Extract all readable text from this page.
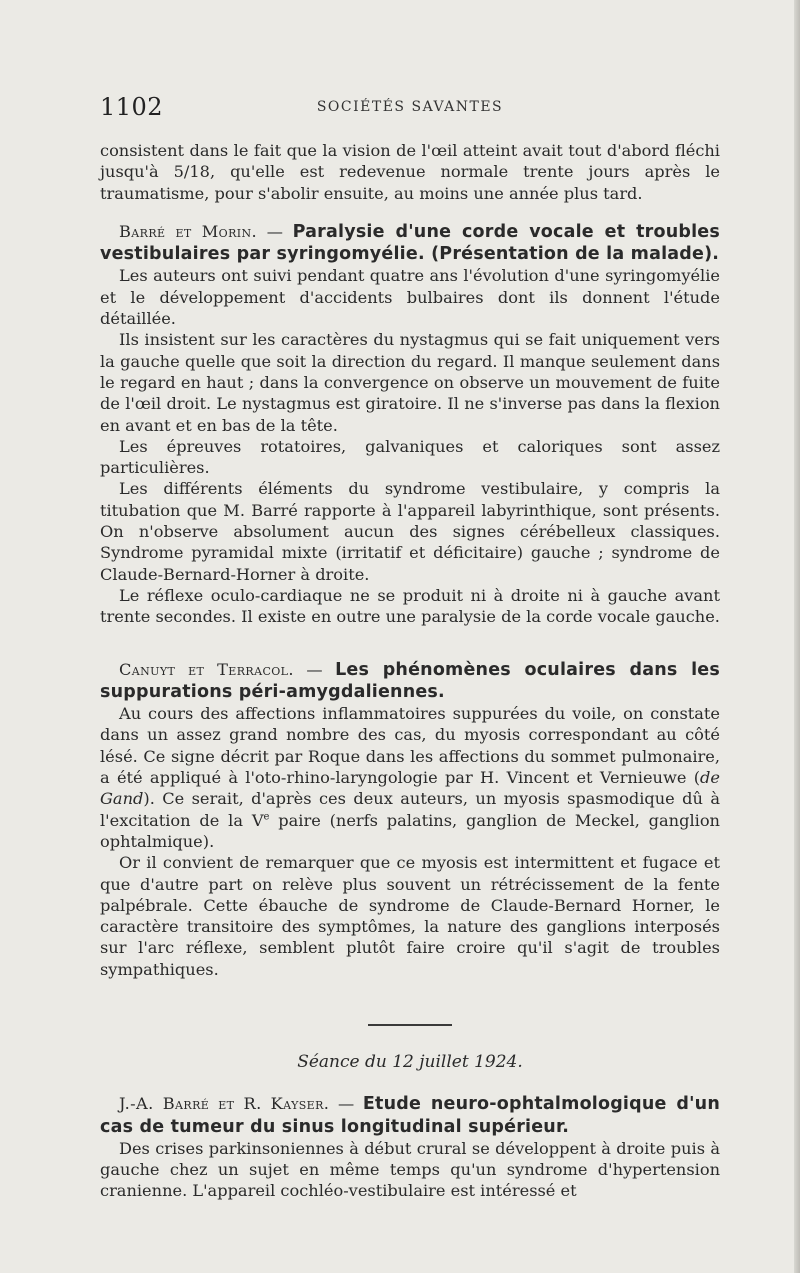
1102	SOCIÉTÉS SAVANTES

consistent dans le fait que la vision de l'œil atteint avait tout d'abord fléchi jusqu'à 5/18, qu'elle est redevenue normale trente jours après le traumatisme, pour s'abolir ensuite, au moins une année plus tard.

Barré et Morin. — Paralysie d'une corde vocale et troubles vestibulaires par syringomyélie. (Présentation de la malade).

Les auteurs ont suivi pendant quatre ans l'évolution d'une syringomyélie et le développement d'accidents bulbaires dont ils donnent l'étude détaillée.

Ils insistent sur les caractères du nystagmus qui se fait uniquement vers la gauche quelle que soit la direction du regard. Il manque seulement dans le regard en haut ; dans la convergence on observe un mouvement de fuite de l'œil droit. Le nystagmus est giratoire. Il ne s'inverse pas dans la flexion en avant et en bas de la tête.

Les épreuves rotatoires, galvaniques et caloriques sont assez particulières.

Les différents éléments du syndrome vestibulaire, y compris la titubation que M. Barré rapporte à l'appareil labyrinthique, sont présents. On n'observe absolument aucun des signes cérébelleux classiques. Syndrome pyramidal mixte (irritatif et déficitaire) gauche ; syndrome de Claude-Bernard-Horner à droite.

Le réflexe oculo-cardiaque ne se produit ni à droite ni à gauche avant trente secondes. Il existe en outre une paralysie de la corde vocale gauche.

Canuyt et Terracol. — Les phénomènes oculaires dans les suppurations péri-amygdaliennes.

Au cours des affections inflammatoires suppurées du voile, on constate dans un assez grand nombre des cas, du myosis correspondant au côté lésé. Ce signe décrit par Roque dans les affections du sommet pulmonaire, a été appliqué à l'oto-rhino-laryngologie par H. Vincent et Vernieuwe (de Gand). Ce serait, d'après ces deux auteurs, un myosis spasmodique dû à l'excitation de la Ve paire (nerfs palatins, ganglion de Meckel, ganglion ophtalmique).

Or il convient de remarquer que ce myosis est intermittent et fugace et que d'autre part on relève plus souvent un rétrécissement de la fente palpébrale. Cette ébauche de syndrome de Claude-Bernard Horner, le caractère transitoire des symptômes, la nature des ganglions interposés sur l'arc réflexe, semblent plutôt faire croire qu'il s'agit de troubles sympathiques.

Séance du 12 juillet 1924.
J.-A. Barré et R. Kayser. — Etude neuro-ophtalmologique d'un cas de tumeur du sinus longitudinal supérieur.

Des crises parkinsoniennes à début crural se développent à droite puis à gauche chez un sujet en même temps qu'un syndrome d'hypertension cranienne. L'appareil cochléo-vestibulaire est intéressé et
